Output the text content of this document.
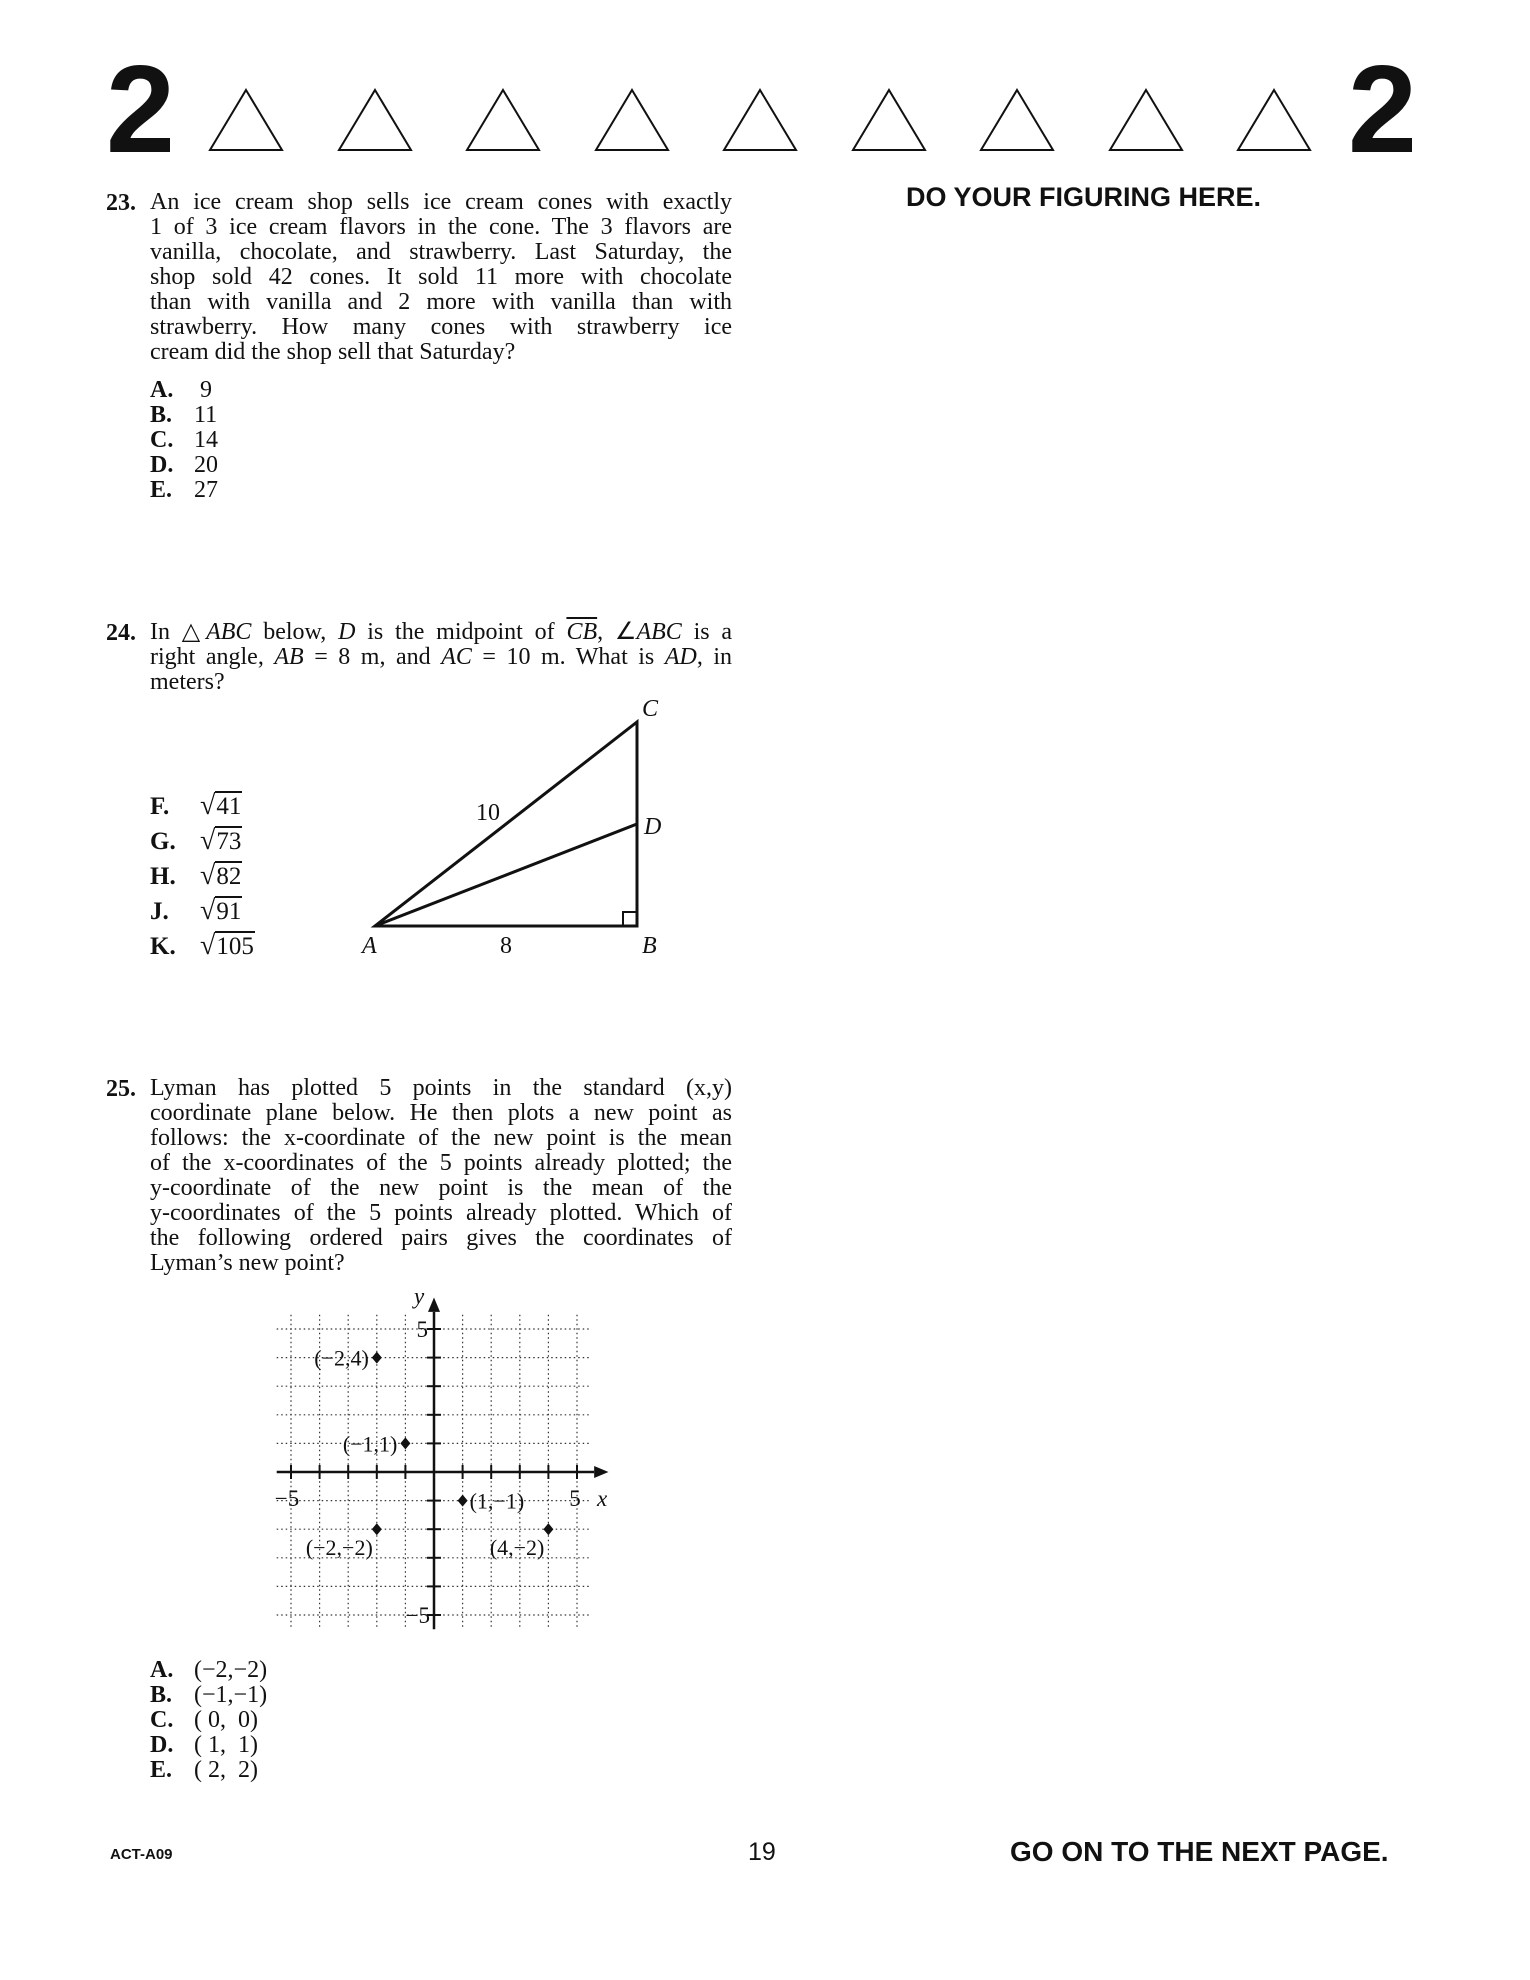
2	2
DO YOUR FIGURING HERE.
23. An ice cream shop sells ice cream cones with exactly
1 of 3 ice cream flavors in the cone. The 3 flavors are
vanilla, chocolate, and strawberry. Last Saturday, the
shop sold 42 cones. It sold 11 more with chocolate
than with vanilla and 2 more with vanilla than with
strawberry. How many cones with strawberry ice
cream did the shop sell that Saturday?
A. 9
B. 11
C. 14
D. 20
E. 27
24. In △ABC below, D is the midpoint of $\overline{CB}$, ∠ABC is a
right angle, AB = 8 m, and AC = 10 m. What is AD, in
meters?
F. √41
G. √73
H. √82
J. √91
K. √105	A	B
C
D
10
8
25. Lyman has plotted 5 points in the standard (x,y)
coordinate plane below. He then plots a new point as
follows: the x-coordinate of the new point is the mean
of the x-coordinates of the 5 points already plotted; the
y-coordinate of the new point is the mean of the
y-coordinates of the 5 points already plotted. Which of
the following ordered pairs gives the coordinates of
Lyman’s new point?
x
y
−5	5
5
−5
(−2,4)
(−1,1)
(1,−1)
(−2,−2)	(4,−2)
A. (−2,−2)
B. (−1,−1)
C. ( 0,  0)
D. ( 1,  1)
E. ( 2,  2)
ACT-A09	19	GO ON TO THE NEXT PAGE.
